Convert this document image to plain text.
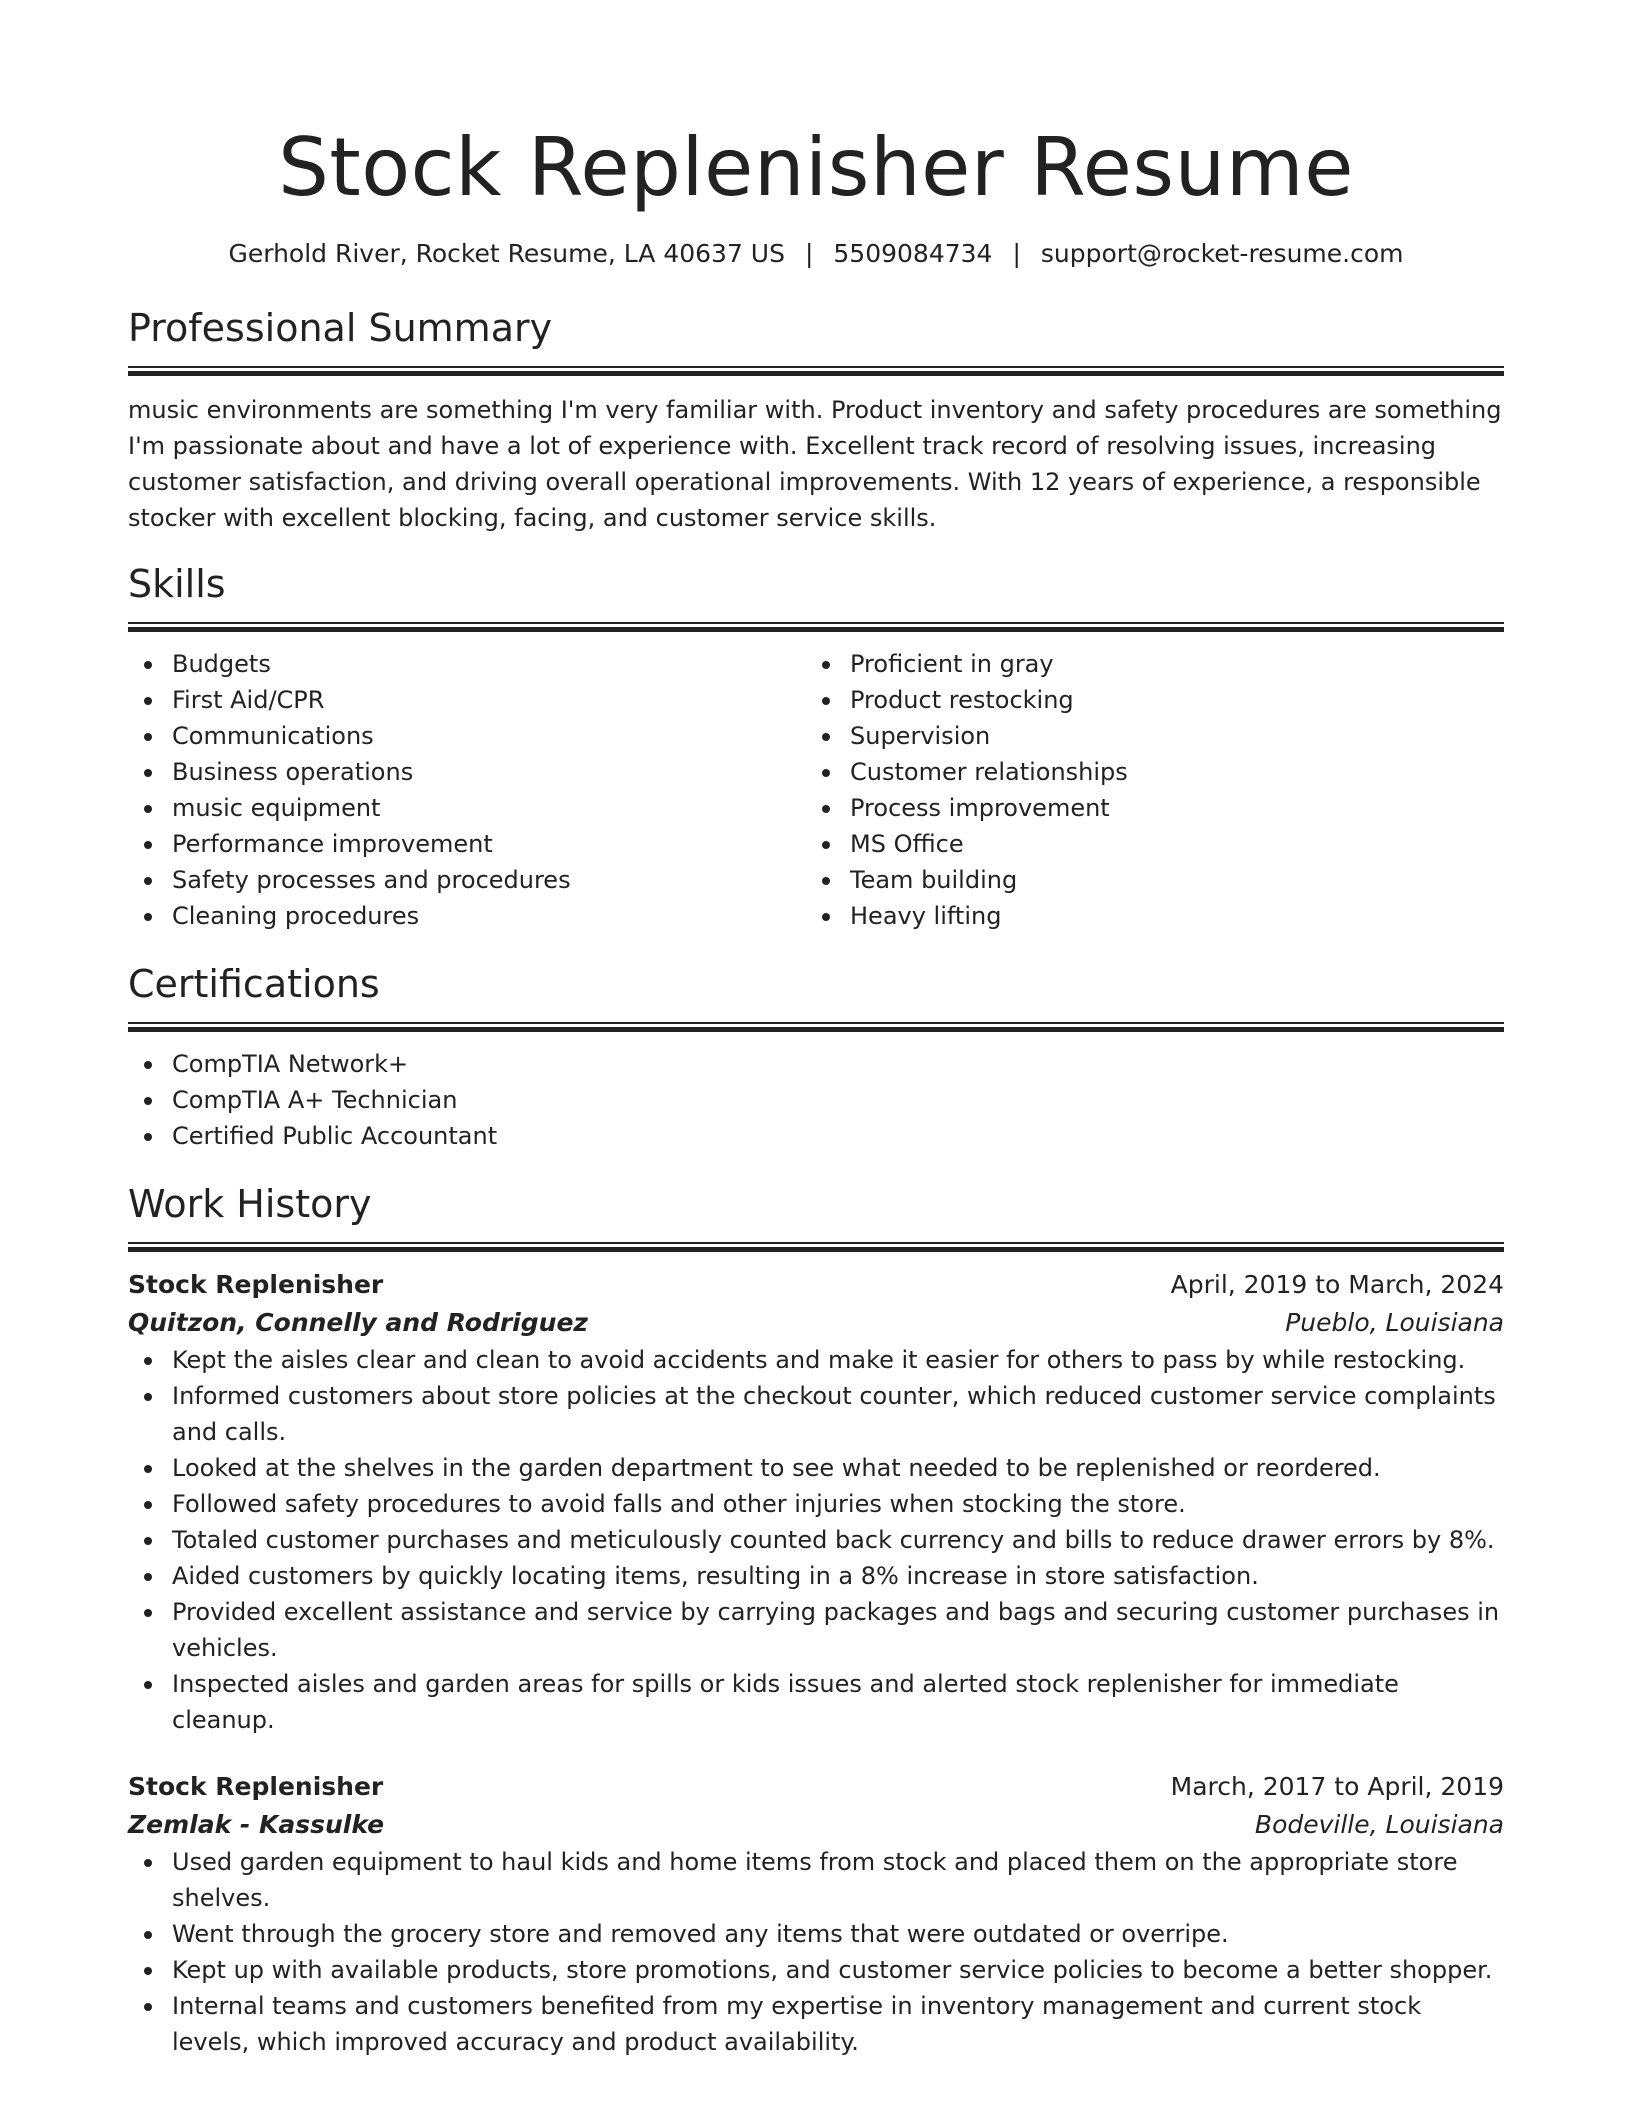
Stock Replenisher Resume
Gerhold River, Rocket Resume, LA 40637 US | 5509084734 | support@rocket-resume.com
Professional Summary

music environments are something I'm very familiar with. Product inventory and safety procedures are something I'm passionate about and have a lot of experience with. Excellent track record of resolving issues, increasing customer satisfaction, and driving overall operational improvements. With 12 years of experience, a responsible stocker with excellent blocking, facing, and customer service skills.

Skills
Budgets
First Aid/CPR
Communications
Business operations
music equipment
Performance improvement
Safety processes and procedures
Cleaning procedures
Proficient in gray
Product restocking
Supervision
Customer relationships
Process improvement
MS Office
Team building
Heavy lifting
Certifications
CompTIA Network+
CompTIA A+ Technician
Certified Public Accountant
Work History
Stock Replenisher	April, 2019 to March, 2024
Quitzon, Connelly and Rodriguez	Pueblo, Louisiana
Kept the aisles clear and clean to avoid accidents and make it easier for others to pass by while restocking.
Informed customers about store policies at the checkout counter, which reduced customer service complaints and calls.
Looked at the shelves in the garden department to see what needed to be replenished or reordered.
Followed safety procedures to avoid falls and other injuries when stocking the store.
Totaled customer purchases and meticulously counted back currency and bills to reduce drawer errors by 8%.
Aided customers by quickly locating items, resulting in a 8% increase in store satisfaction.
Provided excellent assistance and service by carrying packages and bags and securing customer purchases in vehicles.
Inspected aisles and garden areas for spills or kids issues and alerted stock replenisher for immediate cleanup.
Stock Replenisher	March, 2017 to April, 2019
Zemlak - Kassulke	Bodeville, Louisiana
Used garden equipment to haul kids and home items from stock and placed them on the appropriate store shelves.
Went through the grocery store and removed any items that were outdated or overripe.
Kept up with available products, store promotions, and customer service policies to become a better shopper.
Internal teams and customers benefited from my expertise in inventory management and current stock levels, which improved accuracy and product availability.
